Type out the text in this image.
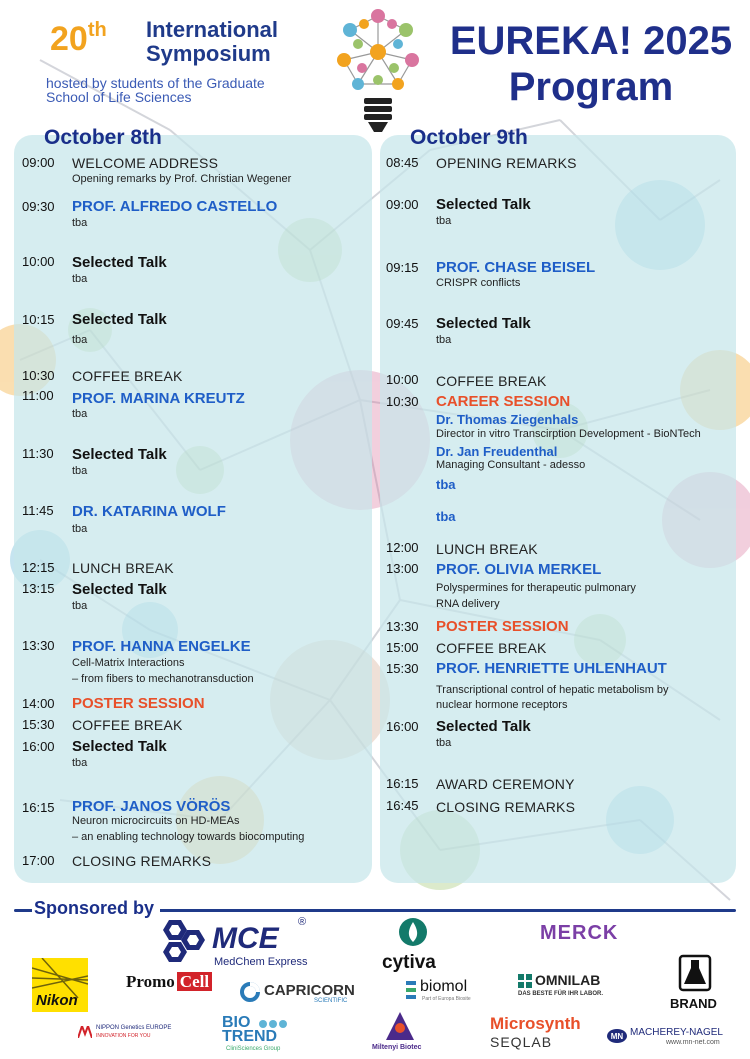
20th International
Symposium
hosted by students of the Graduate
School of Life Sciences
EUREKA! 2025
Program
October 8th	October 9th
09:00 WELCOME ADDRESS
Opening remarks by Prof. Christian Wegener
09:30 PROF. ALFREDO CASTELLO
tba
10:00 Selected Talk
tba
10:15 Selected Talk
tba
10:30 COFFEE BREAK
11:00 PROF. MARINA KREUTZ
tba
11:30 Selected Talk
tba
11:45 DR. KATARINA WOLF
tba
12:15 LUNCH BREAK
13:15 Selected Talk
tba
13:30 PROF. HANNA ENGELKE
Cell-Matrix Interactions
– from fibers to mechanotransduction
14:00 POSTER SESSION
15:30 COFFEE BREAK
16:00 Selected Talk
tba
16:15 PROF. JANOS VÖRÖS
Neuron microcircuits on HD-MEAs
– an enabling technology towards biocomputing
17:00 CLOSING REMARKS
08:45 OPENING REMARKS
09:00 Selected Talk
tba
09:15 PROF. CHASE BEISEL
CRISPR conflicts
09:45 Selected Talk
tba
10:00 COFFEE BREAK
10:30 CAREER SESSION
Dr. Thomas Ziegenhals
Director in vitro Transcirption Development - BioNTech
Dr. Jan Freudenthal
Managing Consultant - adesso
tba
tba
12:00 LUNCH BREAK
13:00 PROF. OLIVIA MERKEL
Polyspermines for therapeutic pulmonary
RNA delivery
13:30 POSTER SESSION
15:00 COFFEE BREAK
15:30 PROF. HENRIETTE UHLENHAUT
Transcriptional control of hepatic metabolism by
nuclear hormone receptors
16:00 Selected Talk
tba
16:15 AWARD CEREMONY
16:45 CLOSING REMARKS
Sponsored by
MCE ®
MedChem Express	cytiva
MERCK
Nikon
Promo Cell	CAPRICORN
SCIENTIFIC
biomol
Part of Europa Biosite
OMNILAB
DAS BESTE FÜR IHR LABOR.
BRAND
NIPPON Genetics EUROPE
INNOVATION FOR YOU
BIO
TREND
CliniSciences Group	Miltenyi Biotec
Microsynth
SEQLAB	MN MACHEREY-NAGEL
www.mn-net.com
